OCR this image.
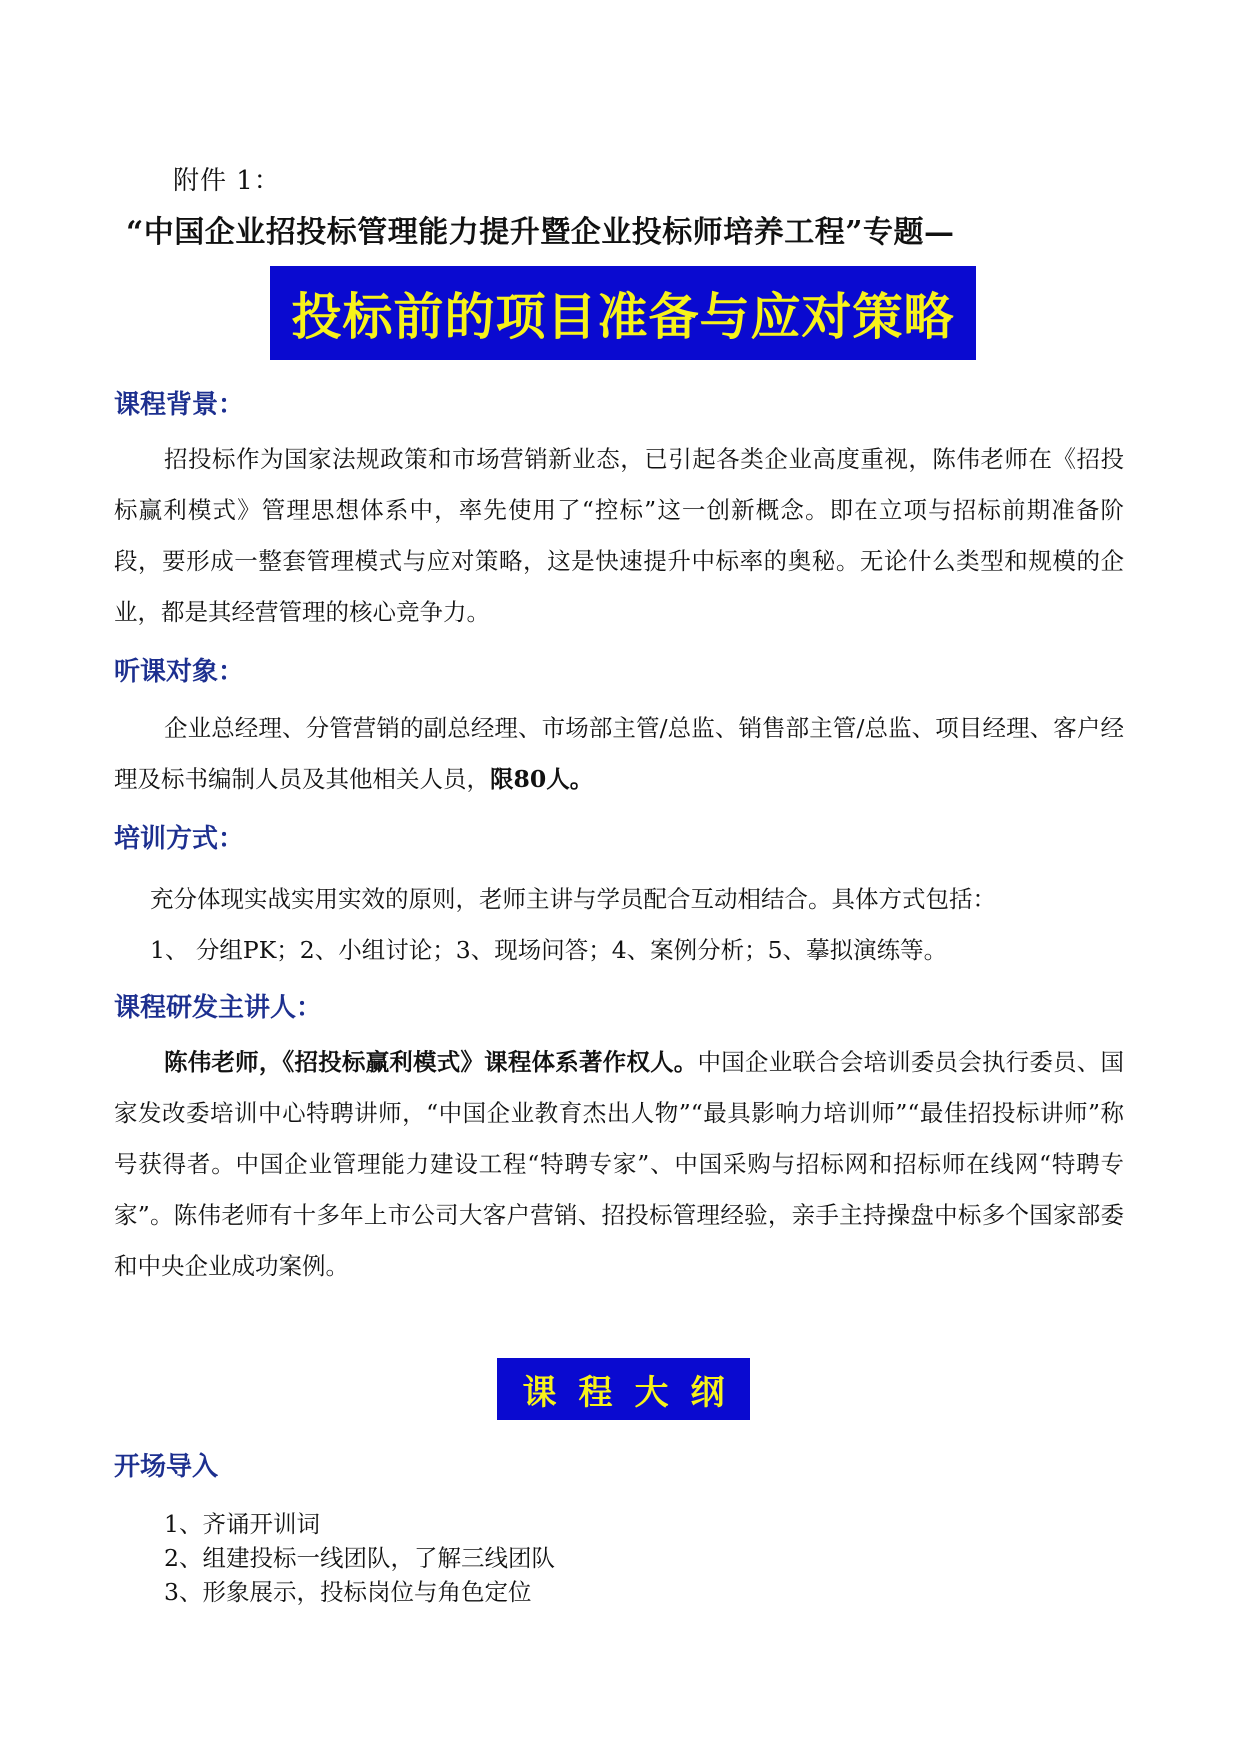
附件 1：
“中国企业招投标管理能力提升暨企业投标师培养工程”专题—
投标前的项目准备与应对策略
课程背景：
招投标作为国家法规政策和市场营销新业态，已引起各类企业高度重视，陈伟老师在《招投标赢利模式》管理思想体系中，率先使用了“控标”这一创新概念。即在立项与招标前期准备阶段，要形成一整套管理模式与应对策略，这是快速提升中标率的奥秘。无论什么类型和规模的企业，都是其经营管理的核心竞争力。
听课对象：
企业总经理、分管营销的副总经理、市场部主管/总监、销售部主管/总监、项目经理、客户经理及标书编制人员及其他相关人员，限80人。
培训方式：
充分体现实战实用实效的原则，老师主讲与学员配合互动相结合。具体方式包括：
1、 分组PK；2、小组讨论；3、现场问答；4、案例分析；5、摹拟演练等。
课程研发主讲人：
陈伟老师，《招投标赢利模式》课程体系著作权人。中国企业联合会培训委员会执行委员、国家发改委培训中心特聘讲师，“中国企业教育杰出人物”“最具影响力培训师”“最佳招投标讲师”称号获得者。中国企业管理能力建设工程“特聘专家”、中国采购与招标网和招标师在线网“特聘专家”。陈伟老师有十多年上市公司大客户营销、招投标管理经验，亲手主持操盘中标多个国家部委和中央企业成功案例。
课程大纲
开场导入
1、齐诵开训词
2、组建投标一线团队，了解三线团队
3、形象展示，投标岗位与角色定位
